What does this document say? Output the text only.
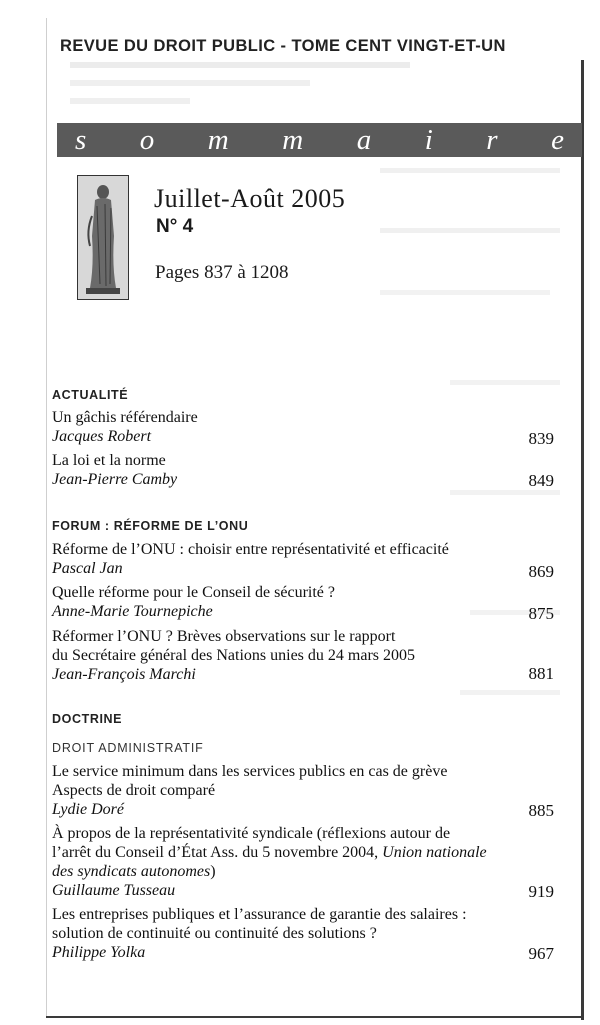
REVUE DU DROIT PUBLIC - TOME CENT VINGT-ET-UN
s o m m a i r e
Juillet-Août 2005
N° 4
Pages 837 à 1208
ACTUALITÉ
Un gâchis référendaire
Jacques Robert	839
La loi et la norme
Jean-Pierre Camby	849
FORUM : RÉFORME DE L’ONU
Réforme de l’ONU : choisir entre représentativité et efficacité
Pascal Jan	869
Quelle réforme pour le Conseil de sécurité ?
Anne-Marie Tournepiche	875
Réformer l’ONU ? Brèves observations sur le rapport
du Secrétaire général des Nations unies du 24 mars 2005
Jean-François Marchi	881
DOCTRINE
DROIT ADMINISTRATIF
Le service minimum dans les services publics en cas de grève
Aspects de droit comparé
Lydie Doré	885
À propos de la représentativité syndicale (réflexions autour de
l’arrêt du Conseil d’État Ass. du 5 novembre 2004, Union nationale
des syndicats autonomes)
Guillaume Tusseau	919
Les entreprises publiques et l’assurance de garantie des salaires :
solution de continuité ou continuité des solutions ?
Philippe Yolka	967
